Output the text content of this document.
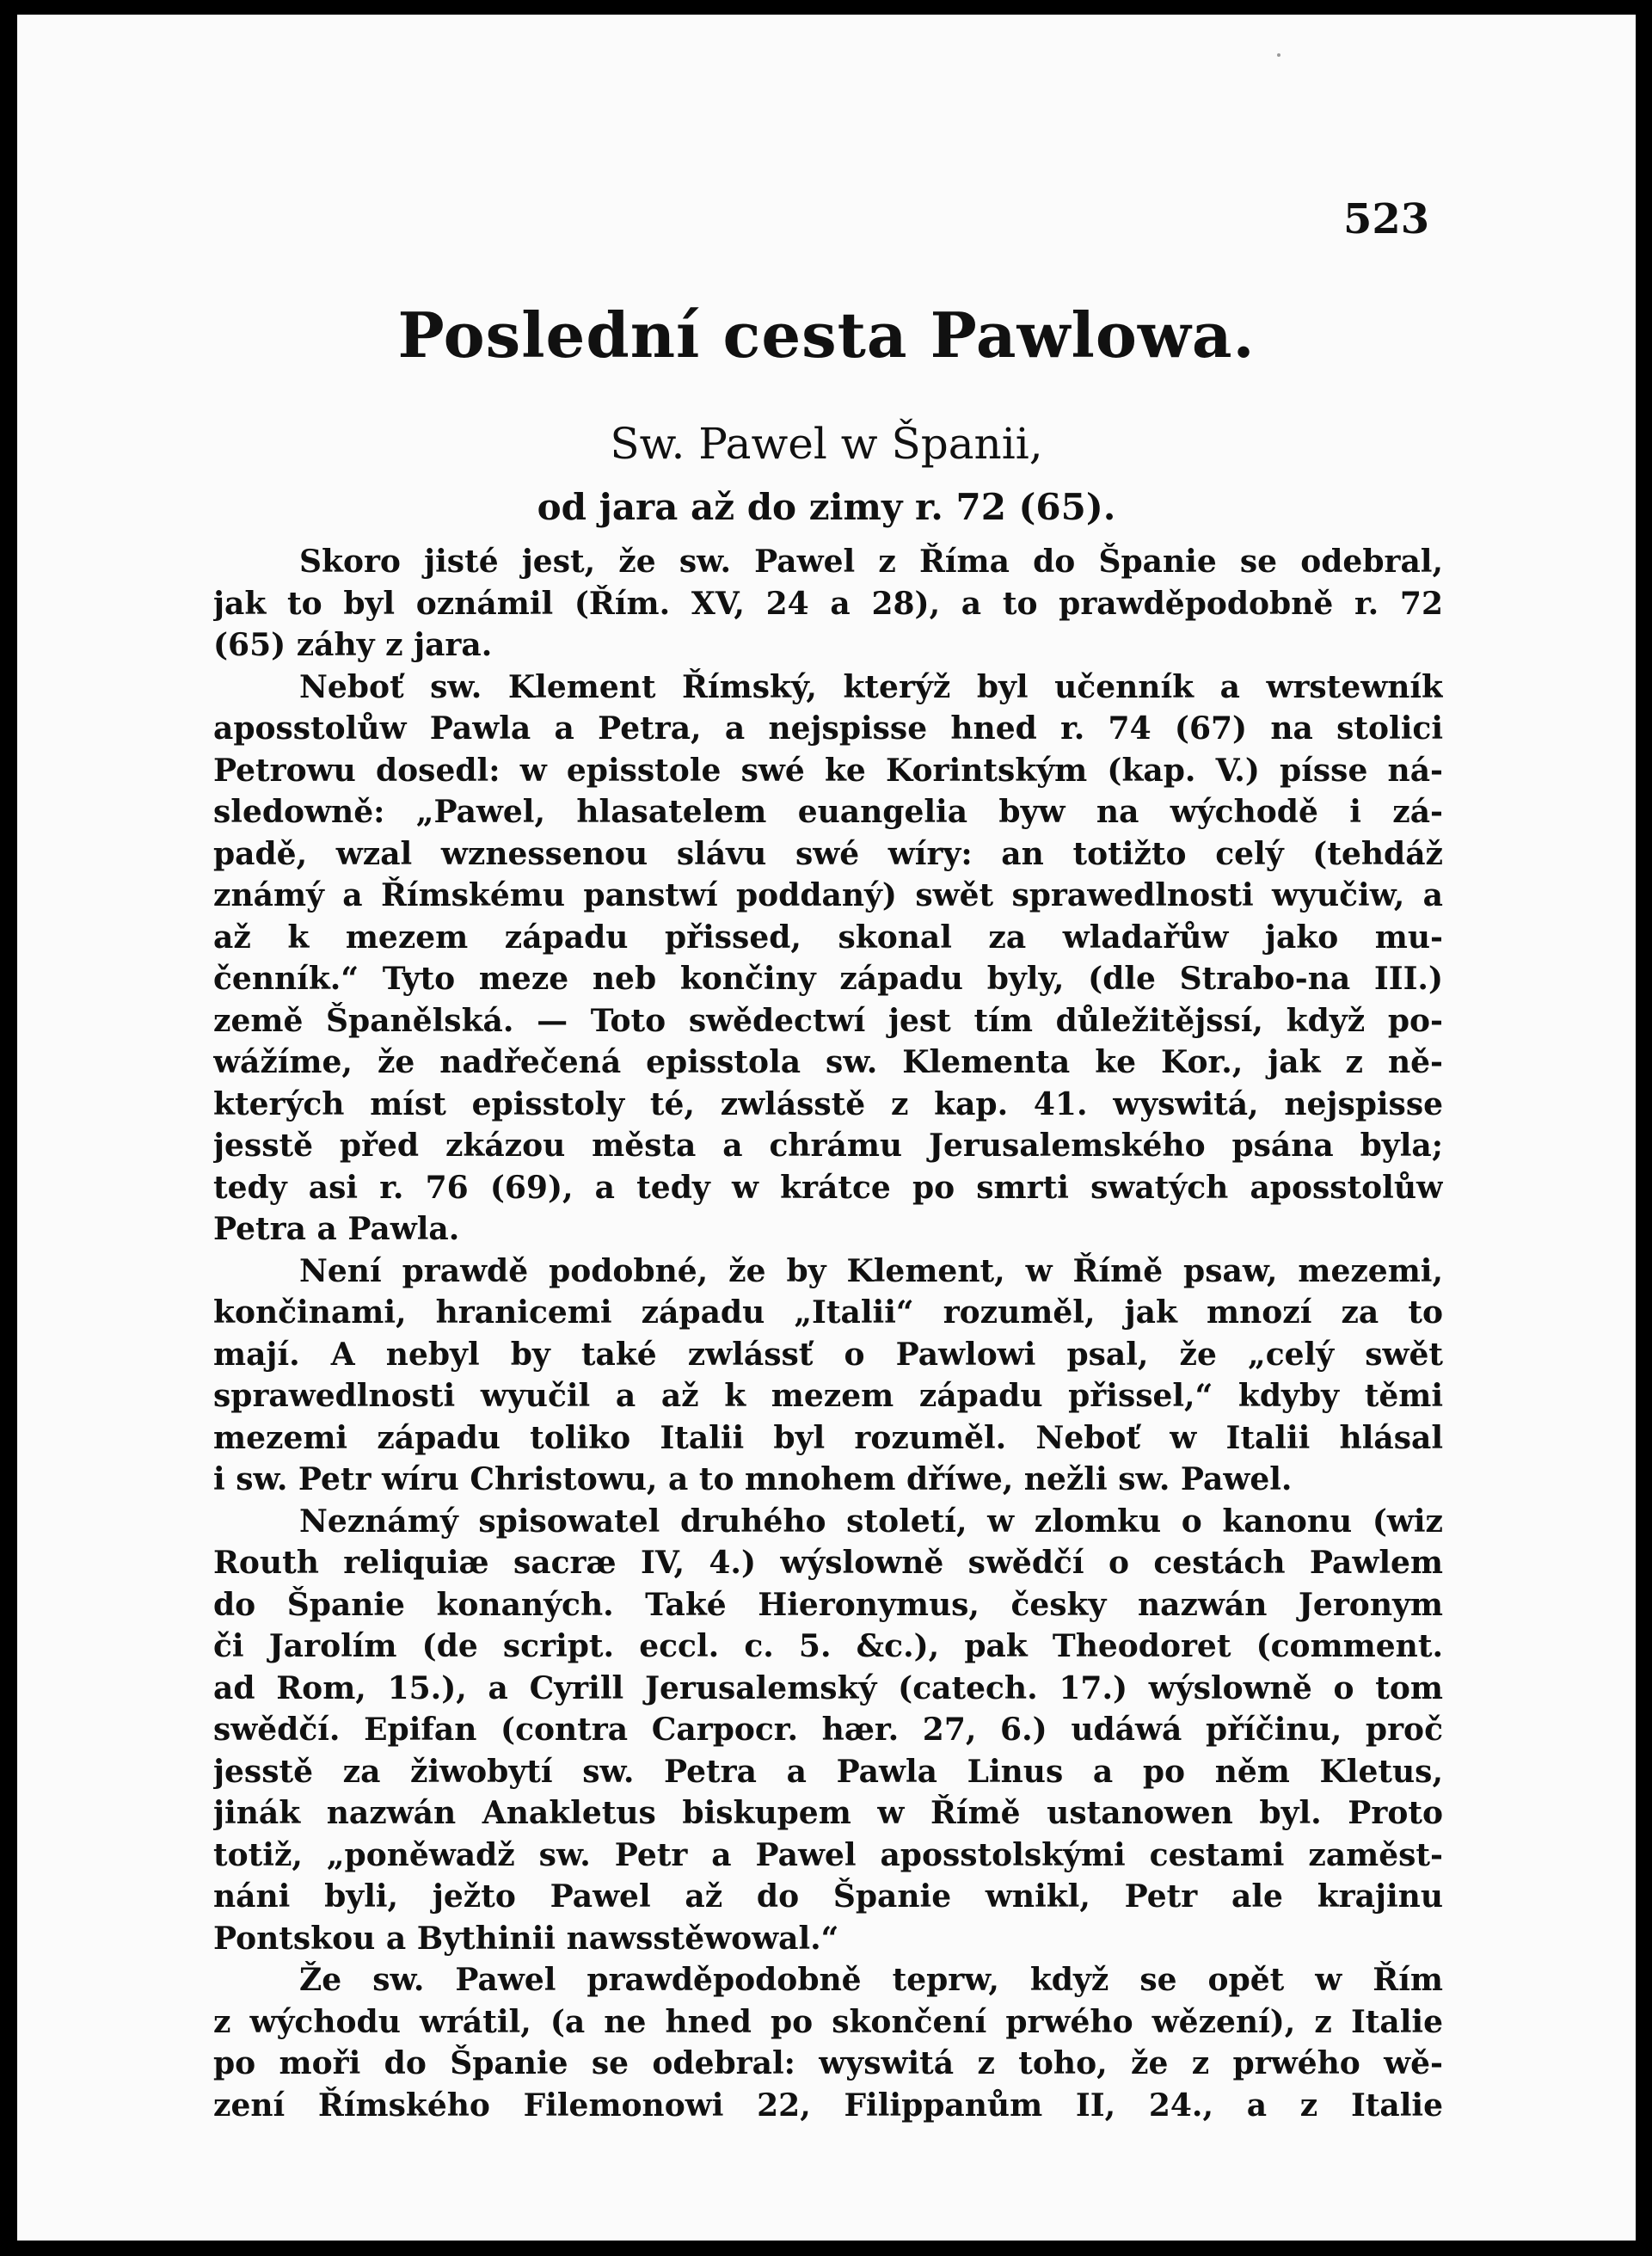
523
Poslední cesta Pawlowa.
Sw. Pawel w Španii,
od jara až do zimy r. 72 (65).
Skoro jisté jest, že sw. Pawel z Říma do Španie se odebral,
jak to byl oznámil (Řím. XV, 24 a 28), a to prawděpodobně r. 72
(65) záhy z jara.
Neboť sw. Klement Římský, kterýž byl učenník a wrstewník
aposstolůw Pawla a Petra, a nejspisse hned r. 74 (67) na stolici
Petrowu dosedl: w episstole swé ke Korintským (kap. V.) písse ná-
sledowně: „Pawel, hlasatelem euangelia byw na wýchodě i zá-
padě, wzal wznessenou slávu swé wíry: an totižto celý (tehdáž
známý a Římskému panstwí poddaný) swět sprawedlnosti wyučiw, a
až k mezem západu přissed, skonal za wladařůw jako mu-
čenník.“ Tyto meze neb končiny západu byly, (dle Strabo-na III.)
země Španělská. — Toto swědectwí jest tím důležitějssí, když po-
wážíme, že nadřečená episstola sw. Klementa ke Kor., jak z ně-
kterých míst episstoly té, zwlásstě z kap. 41. wyswitá, nejspisse
jesstě před zkázou města a chrámu Jerusalemského psána byla;
tedy asi r. 76 (69), a tedy w krátce po smrti swatých aposstolůw
Petra a Pawla.
Není prawdě podobné, že by Klement, w Římě psaw, mezemi,
končinami, hranicemi západu „Italii“ rozuměl, jak mnozí za to
mají. A nebyl by také zwlássť o Pawlowi psal, že „celý swět
sprawedlnosti wyučil a až k mezem západu přissel,“ kdyby těmi
mezemi západu toliko Italii byl rozuměl. Neboť w Italii hlásal
i sw. Petr wíru Christowu, a to mnohem dříwe, nežli sw. Pawel.
Neznámý spisowatel druhého století, w zlomku o kanonu (wiz
Routh reliquiæ sacræ IV, 4.) wýslowně swědčí o cestách Pawlem
do Španie konaných. Také Hieronymus, česky nazwán Jeronym
či Jarolím (de script. eccl. c. 5. &c.), pak Theodoret (comment.
ad Rom, 15.), a Cyrill Jerusalemský (catech. 17.) wýslowně o tom
swědčí. Epifan (contra Carpocr. hær. 27, 6.) udáwá příčinu, proč
jesstě za žiwobytí sw. Petra a Pawla Linus a po něm Kletus,
jinák nazwán Anakletus biskupem w Římě ustanowen byl. Proto
totiž, „poněwadž sw. Petr a Pawel aposstolskými cestami zaměst-
náni byli, ježto Pawel až do Španie wnikl, Petr ale krajinu
Pontskou a Bythinii nawsstěwowal.“
Že sw. Pawel prawděpodobně teprw, když se opět w Řím
z wýchodu wrátil, (a ne hned po skončení prwého wězení), z Italie
po moři do Španie se odebral: wyswitá z toho, že z prwého wě-
zení Římského Filemonowi 22, Filippanům II, 24., a z Italie
